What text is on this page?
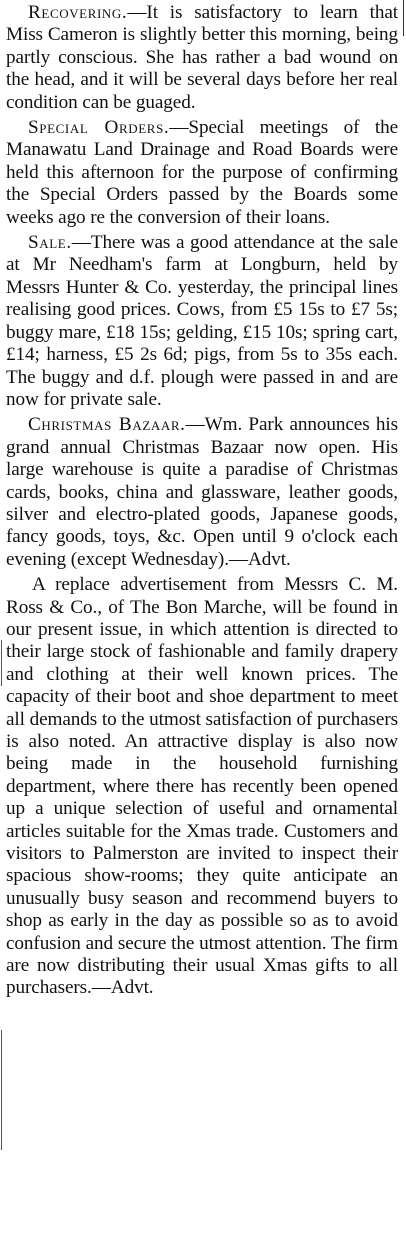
Recovering.—It is satisfactory to learn that Miss Cameron is slightly better this morning, being partly conscious. She has rather a bad wound on the head, and it will be several days before her real condition can be guaged.

Special Orders.—Special meetings of the Manawatu Land Drainage and Road Boards were held this afternoon for the purpose of confirming the Special Orders passed by the Boards some weeks ago re the conversion of their loans.

Sale.—There was a good attendance at the sale at Mr Needham's farm at Longburn, held by Messrs Hunter & Co. yesterday, the principal lines realising good prices. Cows, from £5 15s to £7 5s; buggy mare, £18 15s; gelding, £15 10s; spring cart, £14; harness, £5 2s 6d; pigs, from 5s to 35s each. The buggy and d.f. plough were passed in and are now for private sale.

Christmas Bazaar.—Wm. Park announces his grand annual Christmas Bazaar now open. His large warehouse is quite a paradise of Christmas cards, books, china and glassware, leather goods, silver and electro-plated goods, Japanese goods, fancy goods, toys, &c. Open until 9 o'clock each evening (except Wednesday).—Advt.

A replace advertisement from Messrs C. M. Ross & Co., of The Bon Marche, will be found in our present issue, in which attention is directed to their large stock of fashionable and family drapery and clothing at their well known prices. The capacity of their boot and shoe department to meet all demands to the utmost satisfaction of purchasers is also noted. An attractive display is also now being made in the household furnishing department, where there has recently been opened up a unique selection of useful and ornamental articles suitable for the Xmas trade. Customers and visitors to Palmerston are invited to inspect their spacious show-rooms; they quite anticipate an unusually busy season and recommend buyers to shop as early in the day as possible so as to avoid confusion and secure the utmost attention. The firm are now distributing their usual Xmas gifts to all purchasers.—Advt.
